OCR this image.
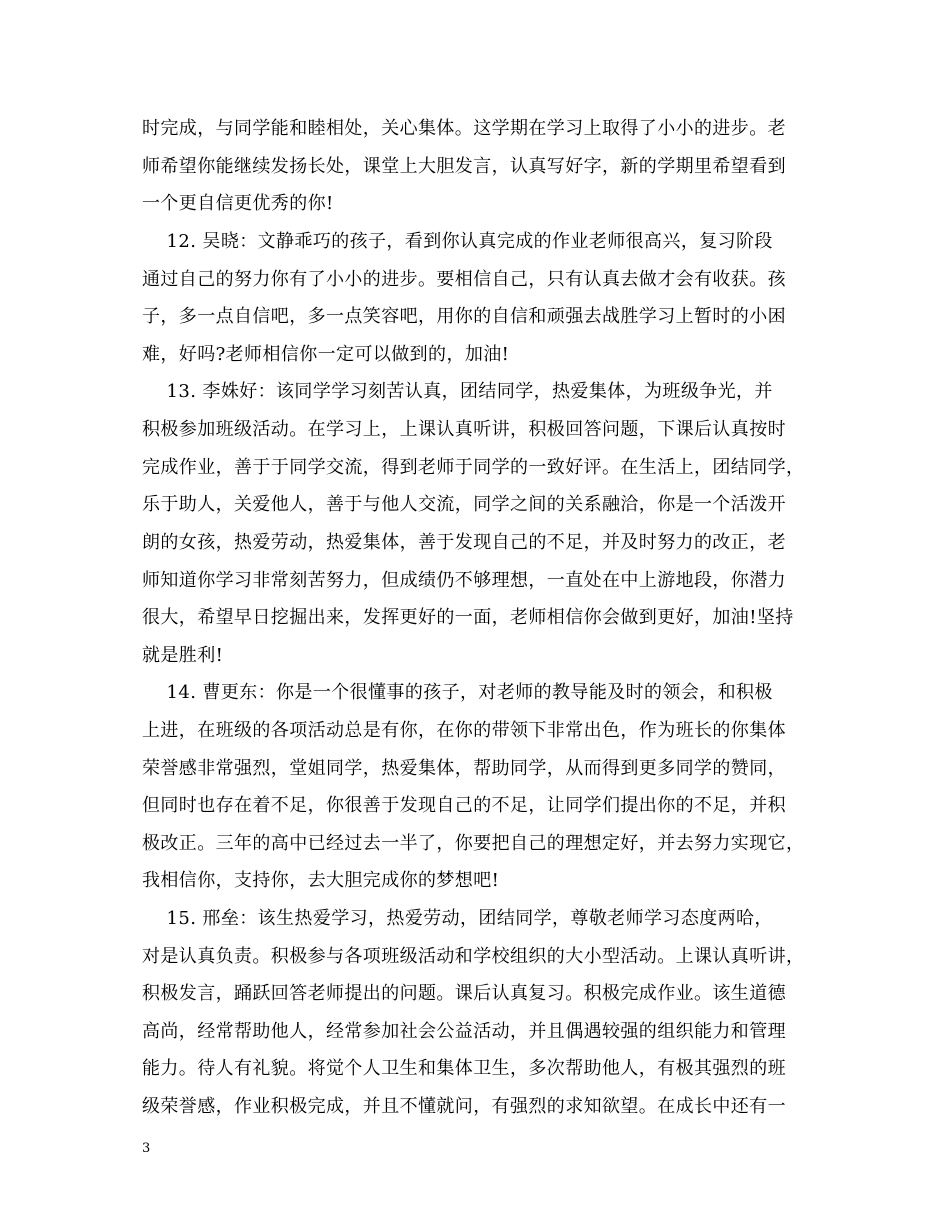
时完成，与同学能和睦相处，关心集体。这学期在学习上取得了小小的进步。老
师希望你能继续发扬长处，课堂上大胆发言，认真写好字，新的学期里希望看到
一个更自信更优秀的你!
12. 吴晓：文静乖巧的孩子，看到你认真完成的作业老师很高兴，复习阶段
通过自己的努力你有了小小的进步。要相信自己，只有认真去做才会有收获。孩
子，多一点自信吧，多一点笑容吧，用你的自信和顽强去战胜学习上暂时的小困
难，好吗?老师相信你一定可以做到的，加油!
13. 李姝好：该同学学习刻苦认真，团结同学，热爱集体，为班级争光，并
积极参加班级活动。在学习上，上课认真听讲，积极回答问题，下课后认真按时
完成作业，善于于同学交流，得到老师于同学的一致好评。在生活上，团结同学，
乐于助人，关爱他人，善于与他人交流，同学之间的关系融洽，你是一个活泼开
朗的女孩，热爱劳动，热爱集体，善于发现自己的不足，并及时努力的改正，老
师知道你学习非常刻苦努力，但成绩仍不够理想，一直处在中上游地段，你潜力
很大，希望早日挖掘出来，发挥更好的一面，老师相信你会做到更好，加油!坚持
就是胜利!
14. 曹更东：你是一个很懂事的孩子，对老师的教导能及时的领会，和积极
上进，在班级的各项活动总是有你，在你的带领下非常出色，作为班长的你集体
荣誉感非常强烈，堂姐同学，热爱集体，帮助同学，从而得到更多同学的赞同，
但同时也存在着不足，你很善于发现自己的不足，让同学们提出你的不足，并积
极改正。三年的高中已经过去一半了，你要把自己的理想定好，并去努力实现它，
我相信你，支持你，去大胆完成你的梦想吧!
15. 邢垒：该生热爱学习，热爱劳动，团结同学，尊敬老师学习态度两哈，
对是认真负责。积极参与各项班级活动和学校组织的大小型活动。上课认真听讲，
积极发言，踊跃回答老师提出的问题。课后认真复习。积极完成作业。该生道德
高尚，经常帮助他人，经常参加社会公益活动，并且偶遇较强的组织能力和管理
能力。待人有礼貌。将觉个人卫生和集体卫生，多次帮助他人，有极其强烈的班
级荣誉感，作业积极完成，并且不懂就问，有强烈的求知欲望。在成长中还有一
3
